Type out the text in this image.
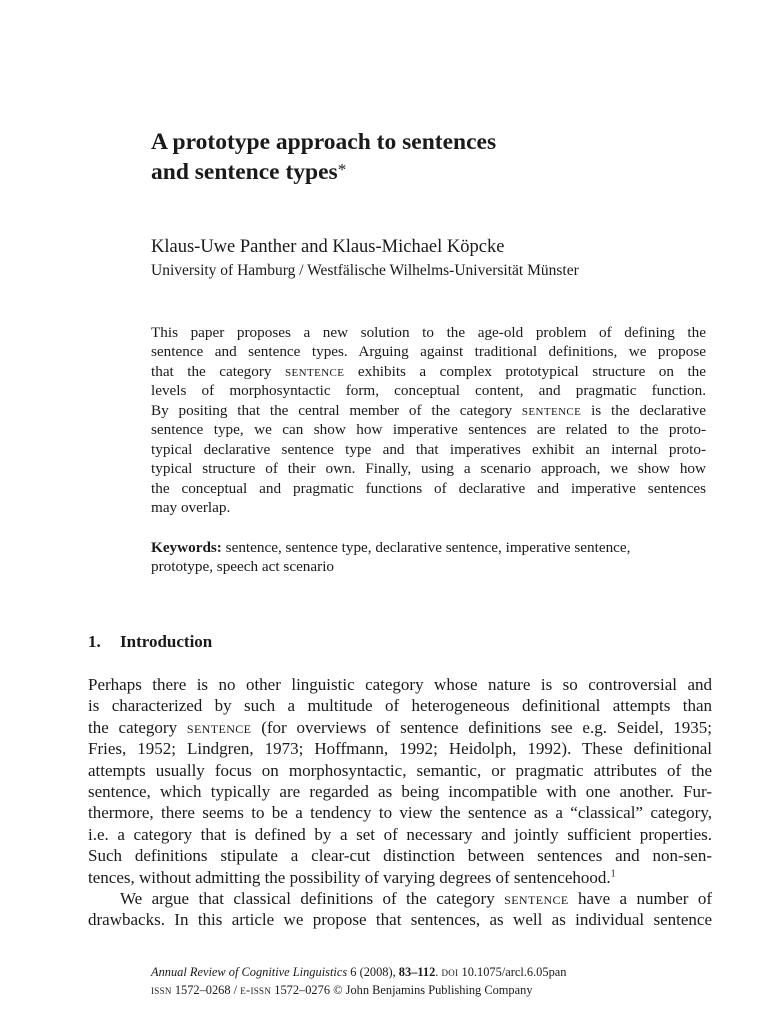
A prototype approach to sentences
and sentence types*
Klaus-Uwe Panther and Klaus-Michael Köpcke
University of Hamburg / Westfälische Wilhelms-Universität Münster
This paper proposes a new solution to the age-old problem of defining the
sentence and sentence types. Arguing against traditional definitions, we propose
that the category sentence exhibits a complex prototypical structure on the
levels of morphosyntactic form, conceptual content, and pragmatic function.
By positing that the central member of the category sentence is the declarative
sentence type, we can show how imperative sentences are related to the proto-
typical declarative sentence type and that imperatives exhibit an internal proto-
typical structure of their own. Finally, using a scenario approach, we show how
the conceptual and pragmatic functions of declarative and imperative sentences
may overlap.
Keywords: sentence, sentence type, declarative sentence, imperative sentence,
prototype, speech act scenario
1. Introduction
Perhaps there is no other linguistic category whose nature is so controversial and
is characterized by such a multitude of heterogeneous definitional attempts than
the category sentence (for overviews of sentence definitions see e.g. Seidel, 1935;
Fries, 1952; Lindgren, 1973; Hoffmann, 1992; Heidolph, 1992). These definitional
attempts usually focus on morphosyntactic, semantic, or pragmatic attributes of the
sentence, which typically are regarded as being incompatible with one another. Fur-
thermore, there seems to be a tendency to view the sentence as a “classical” category,
i.e. a category that is defined by a set of necessary and jointly sufficient properties.
Such definitions stipulate a clear-cut distinction between sentences and non-sen-
tences, without admitting the possibility of varying degrees of sentencehood.$^1$
We argue that classical definitions of the category sentence have a number of
drawbacks. In this article we propose that sentences, as well as individual sentence
Annual Review of Cognitive Linguistics 6 (2008), 83–112. doi 10.1075/arcl.6.05pan
issn 1572–0268 / e-issn 1572–0276 © John Benjamins Publishing Company
